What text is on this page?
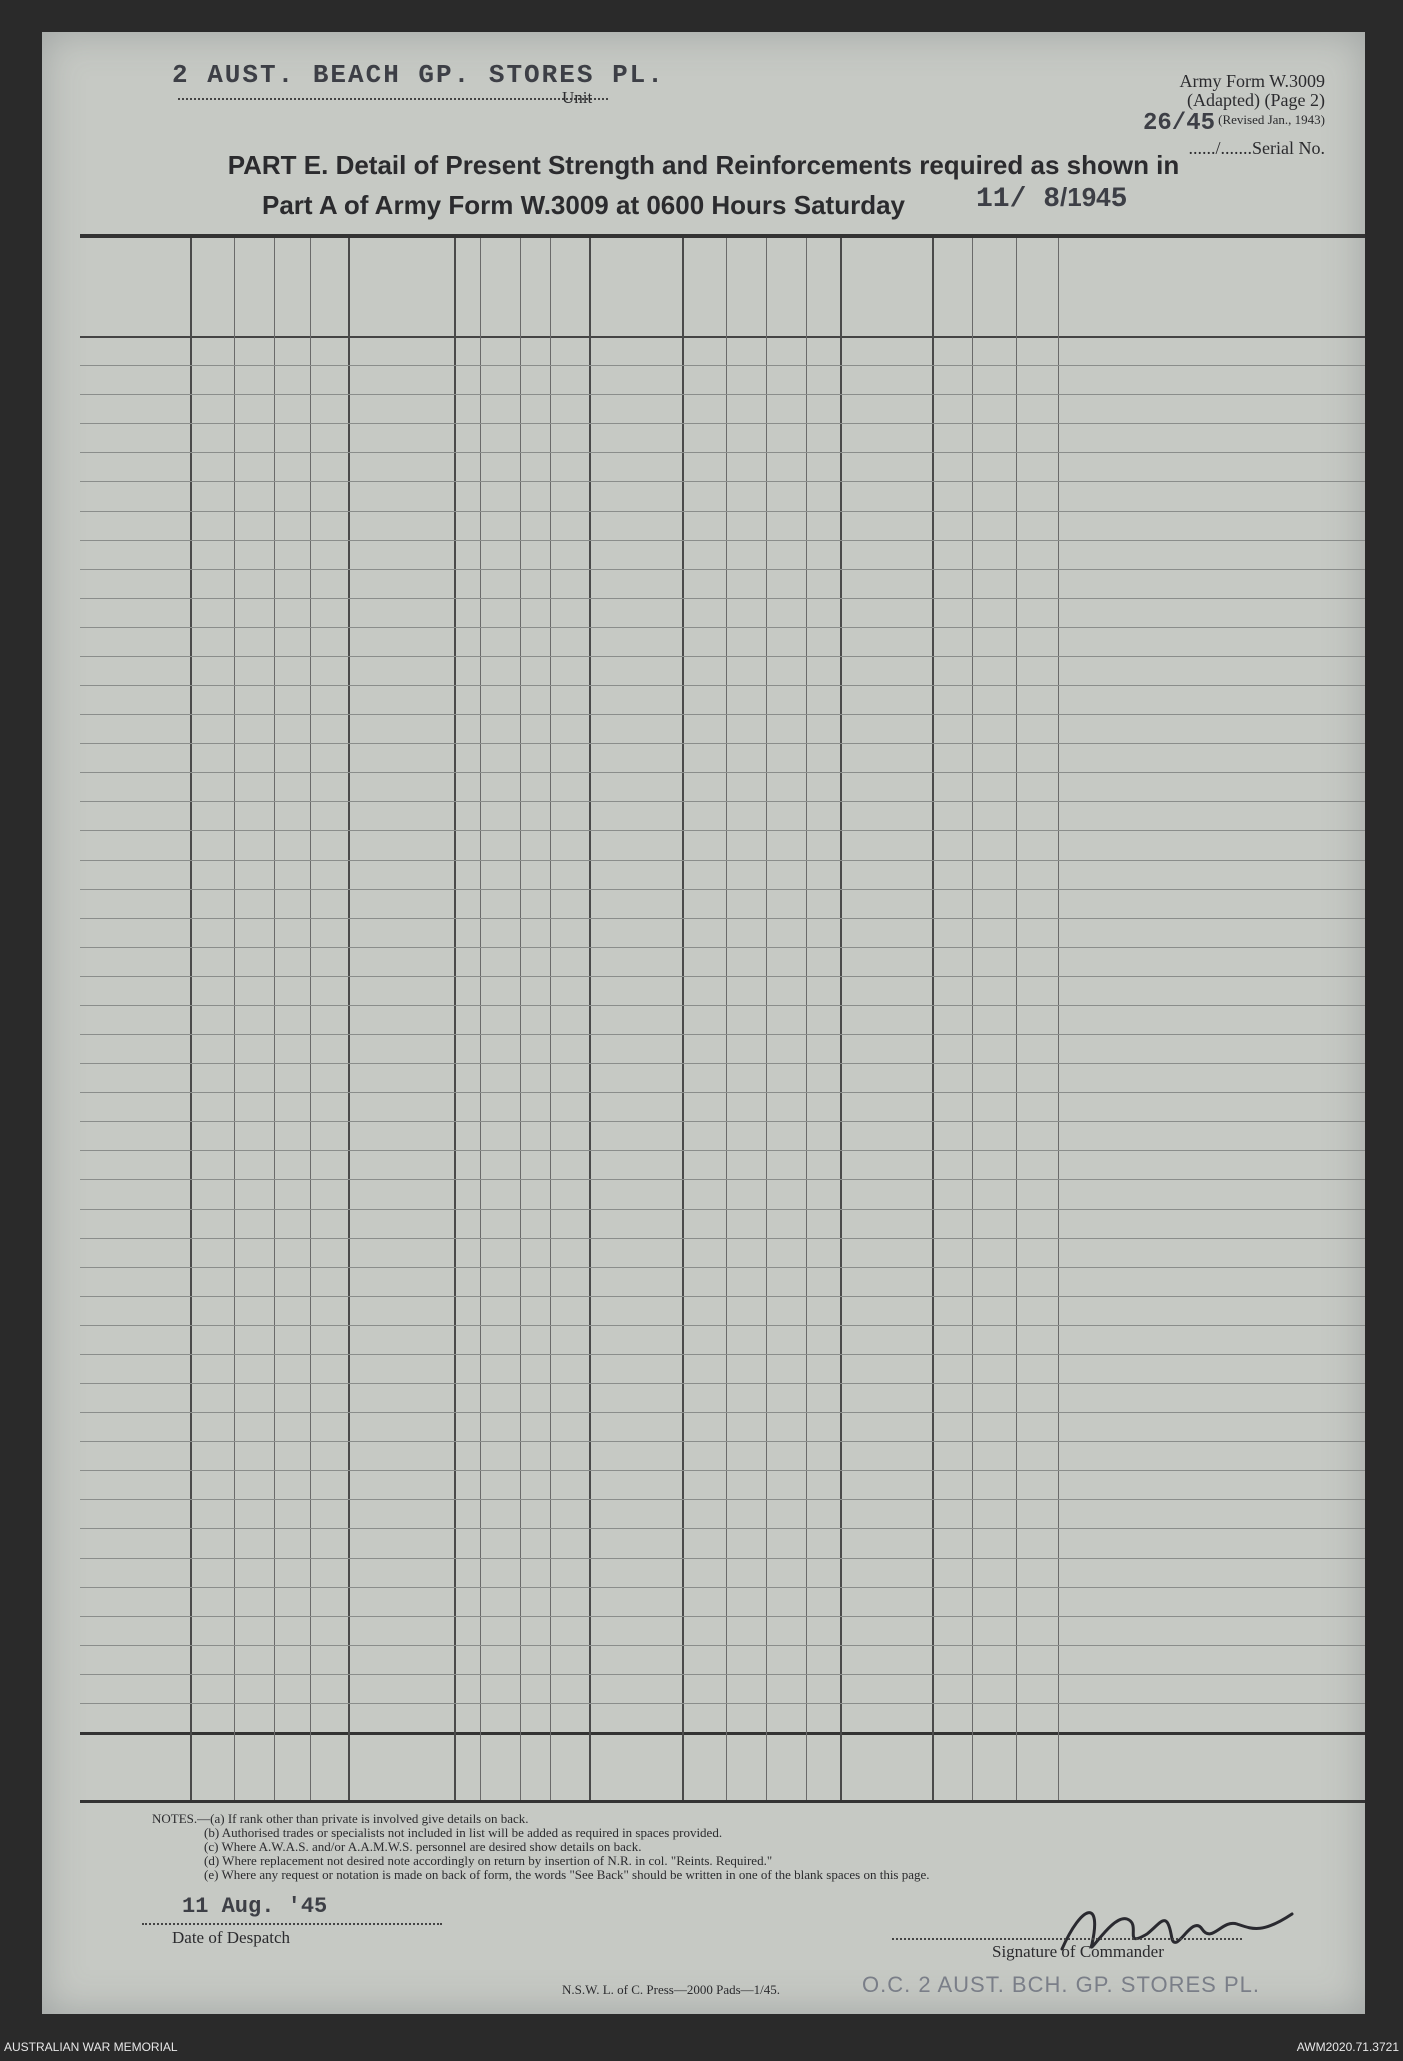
2 AUST. BEACH GP. STORES PL.
Unit
Army Form W.3009
(Adapted) (Page 2)
(Revised Jan., 1943)
26/45
....../.......Serial No.
PART E. Detail of Present Strength and Reinforcements required as shown in
Part A of Army Form W.3009 at 0600 Hours Saturday	11/ 8/1945
NOTES.—(a) If rank other than private is involved give details on back.
(b) Authorised trades or specialists not included in list will be added as required in spaces provided.
(c) Where A.W.A.S. and/or A.A.M.W.S. personnel are desired show details on back.
(d) Where replacement not desired note accordingly on return by insertion of N.R. in col. "Reints. Required."
(e) Where any request or notation is made on back of form, the words "See Back" should be written in one of the blank spaces on this page.
11 Aug. '45
Date of Despatch
Signature of Commander
N.S.W. L. of C. Press—2000 Pads—1/45.	O.C. 2 AUST. BCH. GP. STORES PL.
AUSTRALIAN WAR MEMORIAL	AWM2020.71.3721
